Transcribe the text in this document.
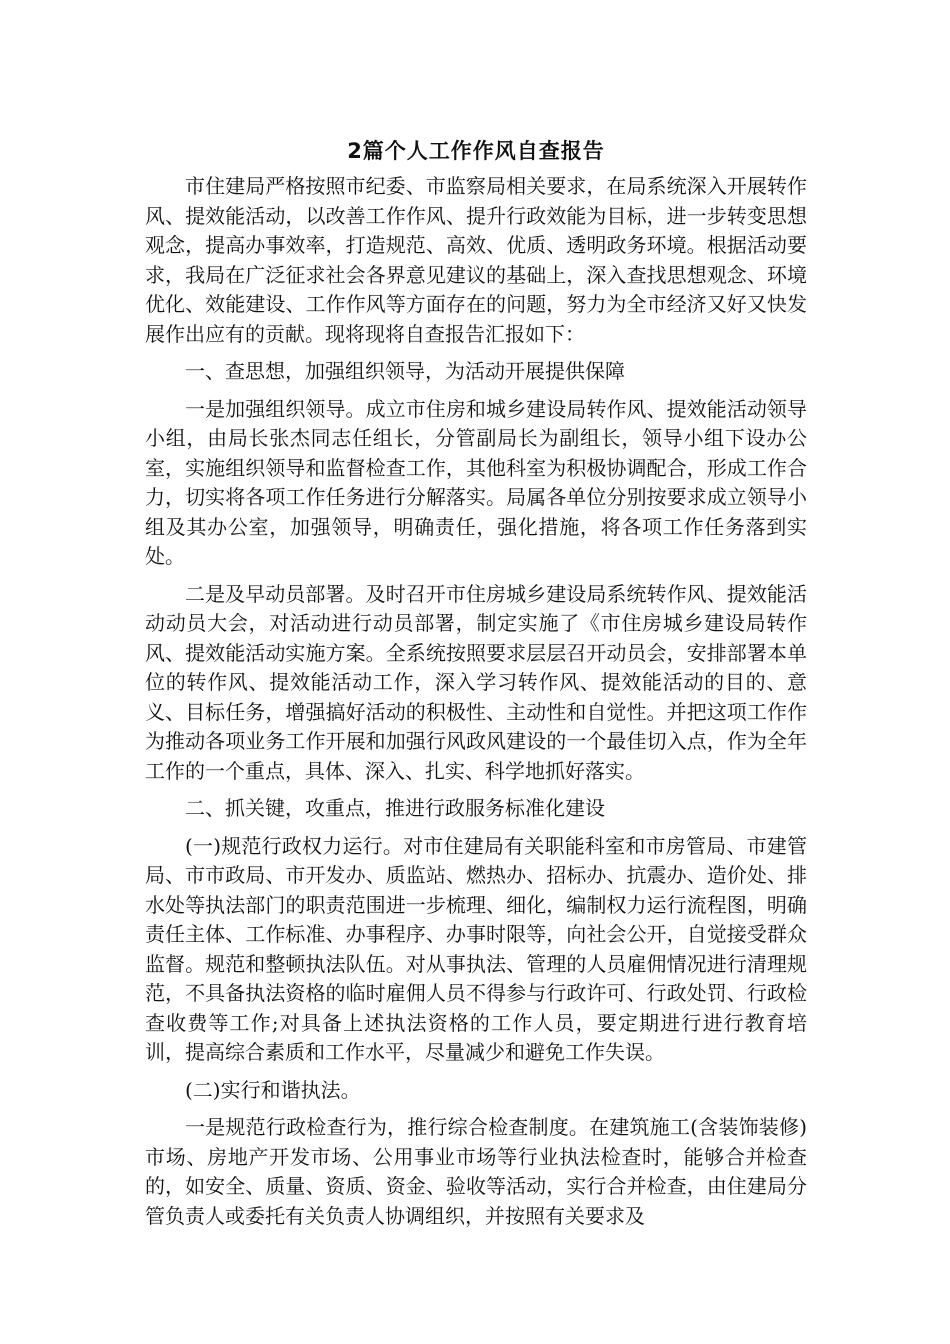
2篇个人工作作风自查报告

市住建局严格按照市纪委、市监察局相关要求，在局系统深入开展转作风、提效能活动，以改善工作作风、提升行政效能为目标，进一步转变思想观念，提高办事效率，打造规范、高效、优质、透明政务环境。根据活动要求，我局在广泛征求社会各界意见建议的基础上，深入查找思想观念、环境优化、效能建设、工作作风等方面存在的问题，努力为全市经济又好又快发展作出应有的贡献。现将现将自查报告汇报如下：

一、查思想，加强组织领导，为活动开展提供保障

一是加强组织领导。成立市住房和城乡建设局转作风、提效能活动领导小组，由局长张杰同志任组长，分管副局长为副组长，领导小组下设办公室，实施组织领导和监督检查工作，其他科室为积极协调配合，形成工作合力，切实将各项工作任务进行分解落实。局属各单位分别按要求成立领导小组及其办公室，加强领导，明确责任，强化措施，将各项工作任务落到实处。

二是及早动员部署。及时召开市住房城乡建设局系统转作风、提效能活动动员大会，对活动进行动员部署，制定实施了《市住房城乡建设局转作风、提效能活动实施方案。全系统按照要求层层召开动员会，安排部署本单位的转作风、提效能活动工作，深入学习转作风、提效能活动的目的、意义、目标任务，增强搞好活动的积极性、主动性和自觉性。并把这项工作作为推动各项业务工作开展和加强行风政风建设的一个最佳切入点，作为全年工作的一个重点，具体、深入、扎实、科学地抓好落实。

二、抓关键，攻重点，推进行政服务标准化建设

(一)规范行政权力运行。对市住建局有关职能科室和市房管局、市建管局、市市政局、市开发办、质监站、燃热办、招标办、抗震办、造价处、排水处等执法部门的职责范围进一步梳理、细化，编制权力运行流程图，明确责任主体、工作标准、办事程序、办事时限等，向社会公开，自觉接受群众监督。规范和整顿执法队伍。对从事执法、管理的人员雇佣情况进行清理规范，不具备执法资格的临时雇佣人员不得参与行政许可、行政处罚、行政检查收费等工作;对具备上述执法资格的工作人员，要定期进行进行教育培训，提高综合素质和工作水平，尽量减少和避免工作失误。

(二)实行和谐执法。

一是规范行政检查行为，推行综合检查制度。在建筑施工(含装饰装修)市场、房地产开发市场、公用事业市场等行业执法检查时，能够合并检查的，如安全、质量、资质、资金、验收等活动，实行合并检查，由住建局分管负责人或委托有关负责人协调组织，并按照有关要求及
